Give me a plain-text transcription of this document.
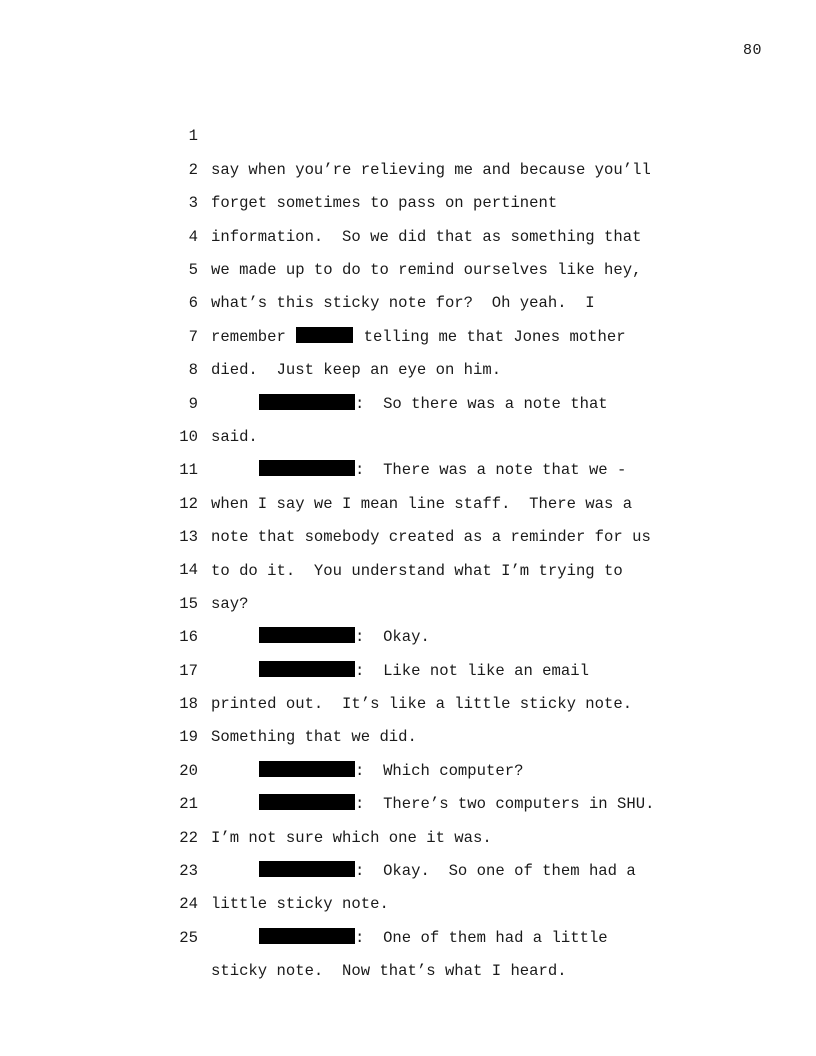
80

1

say when you’re relieving me and because you’ll

2

forget sometimes to pass on pertinent

3

information.  So we did that as something that

4

we made up to do to remind ourselves like hey,

5

what’s this sticky note for?  Oh yeah.  I

6

remember	telling me that Jones mother

7

died.  Just keep an eye on him.

8

:  So there was a note that

9

said.

10

:  There was a note that we -

11

when I say we I mean line staff.  There was a

12

note that somebody created as a reminder for us

13

to do it.  You understand what I’m trying to

14

say?

15

:  Okay.

16

:  Like not like an email

17

printed out.  It’s like a little sticky note.

18

Something that we did.

19

:  Which computer?

20

:  There’s two computers in SHU.

21

I’m not sure which one it was.

22

:  Okay.  So one of them had a

23

little sticky note.

24

:  One of them had a little

25

sticky note.  Now that’s what I heard.
